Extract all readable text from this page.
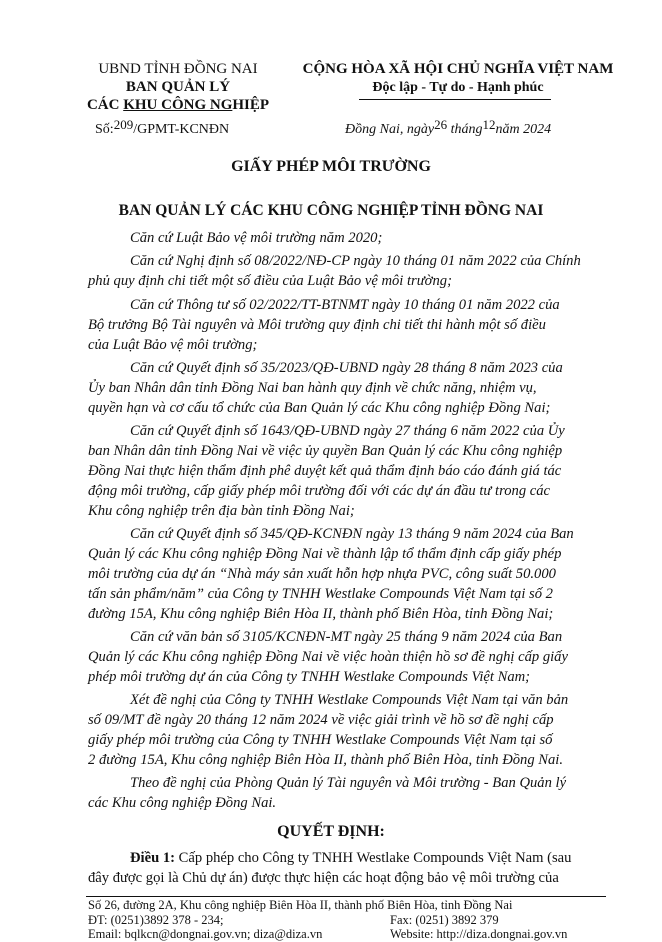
UBND TỈNH ĐỒNG NAI
BAN QUẢN LÝ
CÁC KHU CÔNG NGHIỆP
Số:209/GPMT-KCNĐN
CỘNG HÒA XÃ HỘI CHỦ NGHĨA VIỆT NAM
Độc lập - Tự do - Hạnh phúc
Đồng Nai, ngày26 tháng12năm 2024
GIẤY PHÉP MÔI TRƯỜNG
BAN QUẢN LÝ CÁC KHU CÔNG NGHIỆP TỈNH ĐỒNG NAI
Căn cứ Luật Bảo vệ môi trường năm 2020;
Căn cứ Nghị định số 08/2022/NĐ-CP ngày 10 tháng 01 năm 2022 của Chính
phủ quy định chi tiết một số điều của Luật Bảo vệ môi trường;
Căn cứ Thông tư số 02/2022/TT-BTNMT ngày 10 tháng 01 năm 2022 của
Bộ trưởng Bộ Tài nguyên và Môi trường quy định chi tiết thi hành một số điều
của Luật Bảo vệ môi trường;
Căn cứ Quyết định số 35/2023/QĐ-UBND ngày 28 tháng 8 năm 2023 của
Ủy ban Nhân dân tỉnh Đồng Nai ban hành quy định về chức năng, nhiệm vụ,
quyền hạn và cơ cấu tổ chức của Ban Quản lý các Khu công nghiệp Đồng Nai;
Căn cứ Quyết định số 1643/QĐ-UBND ngày 27 tháng 6 năm 2022 của Ủy
ban Nhân dân tỉnh Đồng Nai về việc ủy quyền Ban Quản lý các Khu công nghiệp
Đồng Nai thực hiện thẩm định phê duyệt kết quả thẩm định báo cáo đánh giá tác
động môi trường, cấp giấy phép môi trường đối với các dự án đầu tư trong các
Khu công nghiệp trên địa bàn tỉnh Đồng Nai;
Căn cứ Quyết định số 345/QĐ-KCNĐN ngày 13 tháng 9 năm 2024 của Ban
Quản lý các Khu công nghiệp Đồng Nai về thành lập tổ thẩm định cấp giấy phép
môi trường của dự án “Nhà máy sản xuất hỗn hợp nhựa PVC, công suất 50.000
tấn sản phẩm/năm” của Công ty TNHH Westlake Compounds Việt Nam tại số 2
đường 15A, Khu công nghiệp Biên Hòa II, thành phố Biên Hòa, tỉnh Đồng Nai;
Căn cứ văn bản số 3105/KCNĐN-MT ngày 25 tháng 9 năm 2024 của Ban
Quản lý các Khu công nghiệp Đồng Nai về việc hoàn thiện hồ sơ đề nghị cấp giấy
phép môi trường dự án của Công ty TNHH Westlake Compounds Việt Nam;
Xét đề nghị của Công ty TNHH Westlake Compounds Việt Nam tại văn bản
số 09/MT đề ngày 20 tháng 12 năm 2024 về việc giải trình về hồ sơ đề nghị cấp
giấy phép môi trường của Công ty TNHH Westlake Compounds Việt Nam tại số
2 đường 15A, Khu công nghiệp Biên Hòa II, thành phố Biên Hòa, tỉnh Đồng Nai.
Theo đề nghị của Phòng Quản lý Tài nguyên và Môi trường - Ban Quản lý
các Khu công nghiệp Đồng Nai.
QUYẾT ĐỊNH:
Điều 1: Cấp phép cho Công ty TNHH Westlake Compounds Việt Nam (sau
đây được gọi là Chủ dự án) được thực hiện các hoạt động bảo vệ môi trường của
Số 26, đường 2A, Khu công nghiệp Biên Hòa II, thành phố Biên Hòa, tỉnh Đồng Nai
ĐT: (0251)3892 378 - 234;	Fax: (0251) 3892 379
Email: bqlkcn@dongnai.gov.vn; diza@diza.vn	Website: http://diza.dongnai.gov.vn
